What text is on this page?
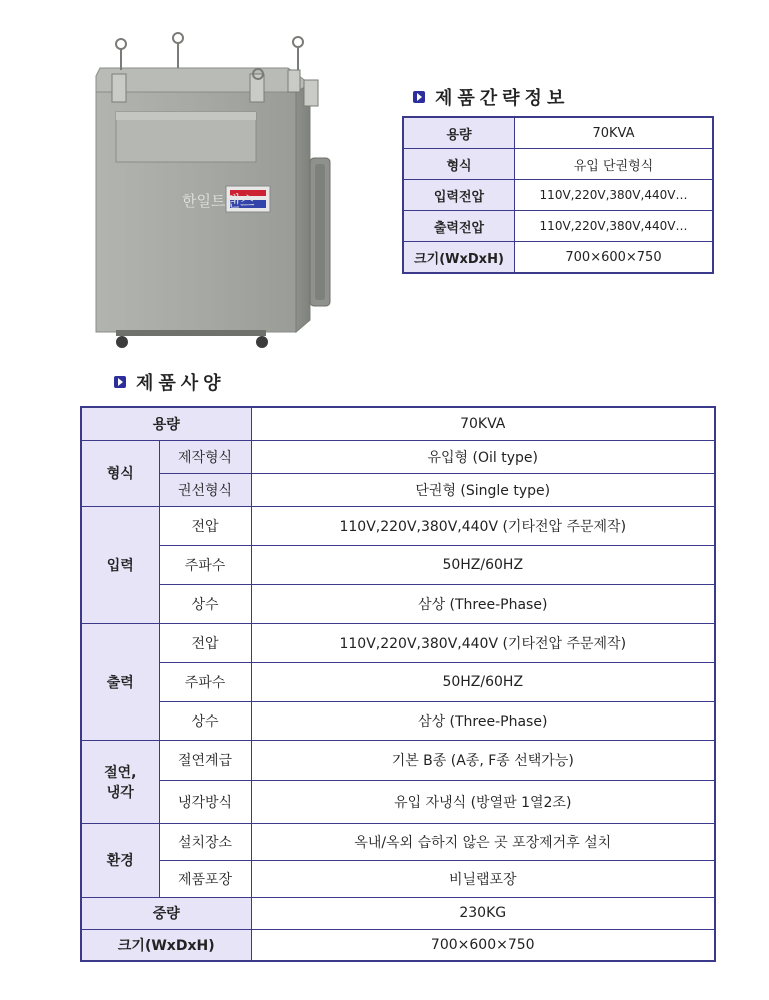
한일트랜스
제품간략정보
용량	70KVA
형식	유입 단권형식
입력전압	110V,220V,380V,440V…
출력전압	110V,220V,380V,440V…
크기(WxDxH)	700×600×750
제품사양
용량		70KVA
형식	제작형식	유입형 (Oil type)
	권선형식	단권형 (Single type)
입력	전압	110V,220V,380V,440V (기타전압 주문제작)
	주파수	50HZ/60HZ
	상수	삼상 (Three-Phase)
출력	전압	110V,220V,380V,440V (기타전압 주문제작)
	주파수	50HZ/60HZ
	상수	삼상 (Three-Phase)

절연,
냉각	절연계급	기본 B종 (A종, F종 선택가능)
	냉각방식	유입 자냉식 (방열판 1열2조)
환경	설치장소	옥내/옥외 습하지 않은 곳 포장제거후 설치
	제품포장	비닐랩포장
중량		230KG
크기(WxDxH)		700×600×750
